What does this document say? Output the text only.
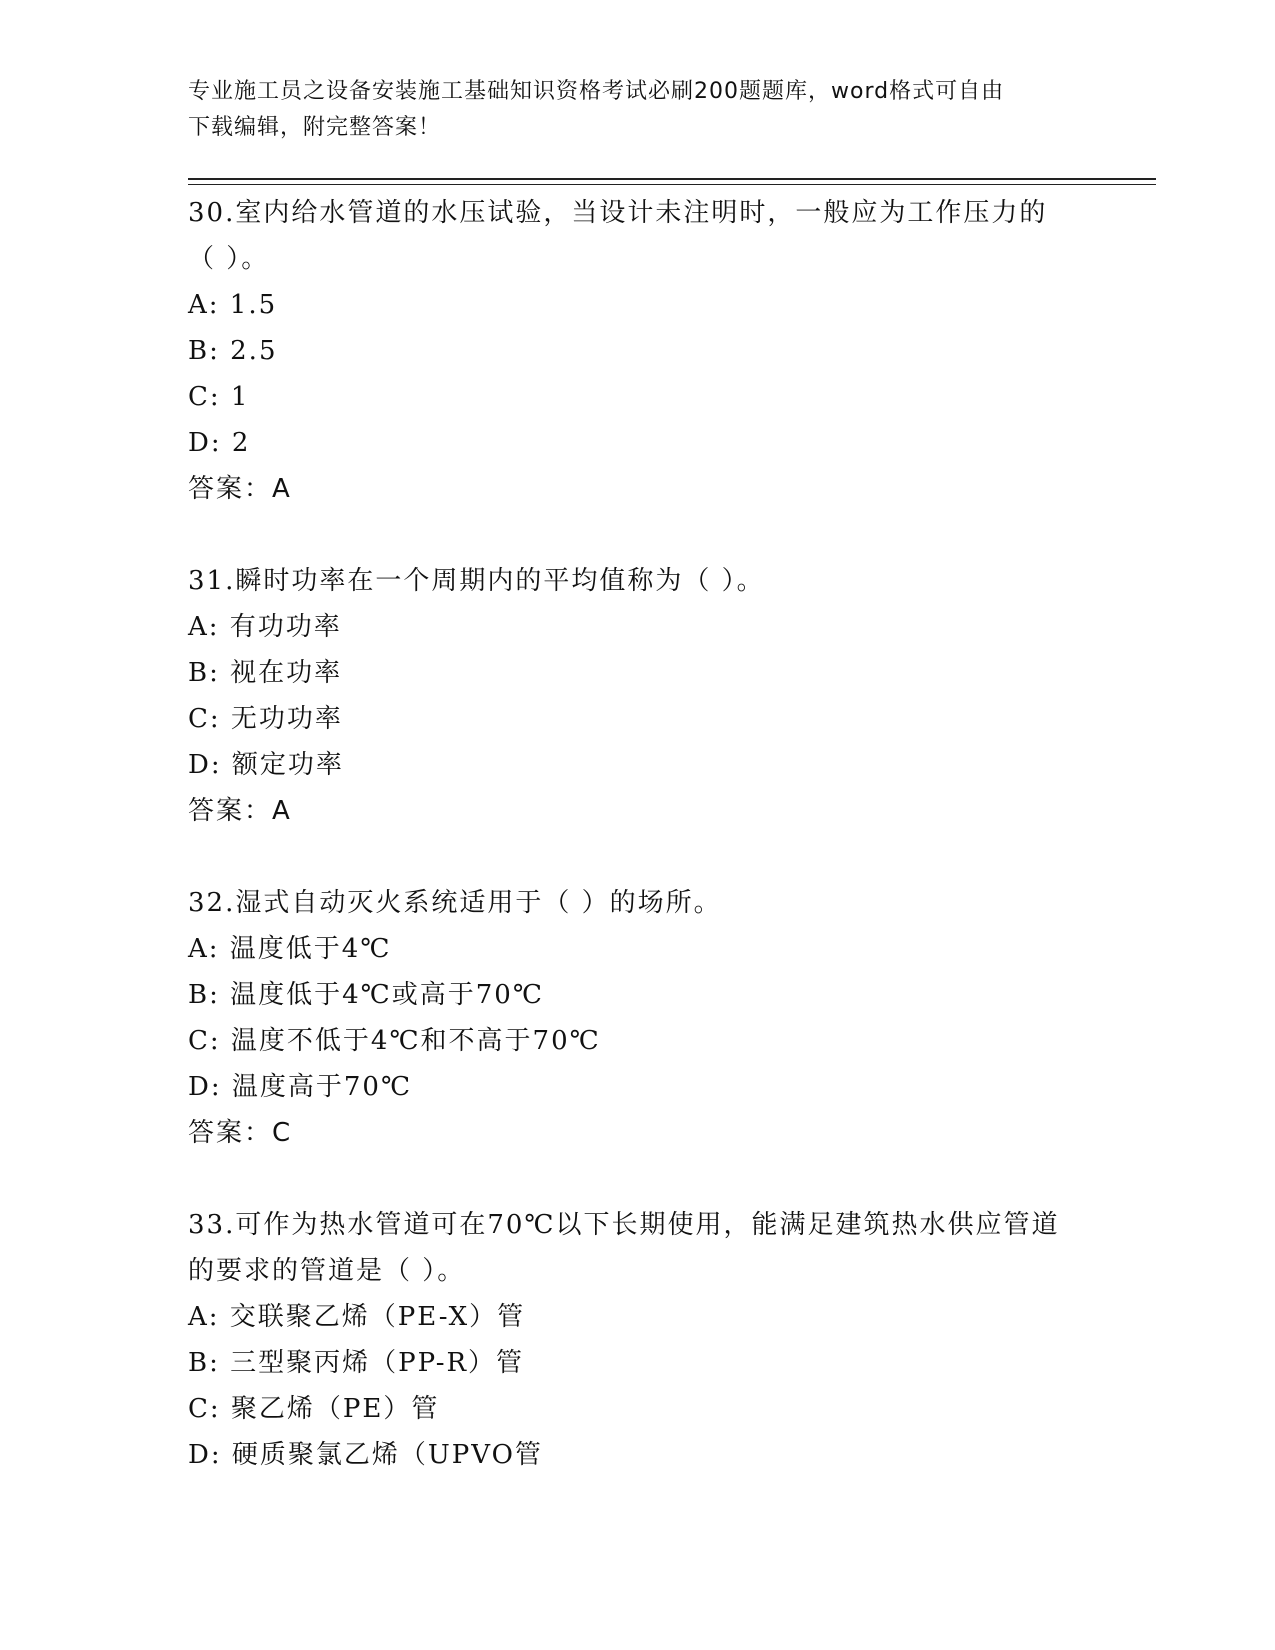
专业施工员之设备安装施工基础知识资格考试必刷200题题库，word格式可自由
下载编辑，附完整答案！

30.室内给水管道的水压试验，当设计未注明时，一般应为工作压力的

（ ）。

A: 1.5

B: 2.5

C: 1

D: 2

答案：A

31.瞬时功率在一个周期内的平均值称为（ ）。

A: 有功功率

B: 视在功率

C: 无功功率

D: 额定功率

答案：A

32.湿式自动灭火系统适用于（ ）的场所。

A: 温度低于4℃

B: 温度低于4℃或高于70℃

C: 温度不低于4℃和不高于70℃

D: 温度高于70℃

答案：C

33.可作为热水管道可在70℃以下长期使用，能满足建筑热水供应管道

的要求的管道是（ ）。

A: 交联聚乙烯（PE-X）管

B: 三型聚丙烯（PP-R）管

C: 聚乙烯（PE）管

D: 硬质聚氯乙烯（UPVO管
